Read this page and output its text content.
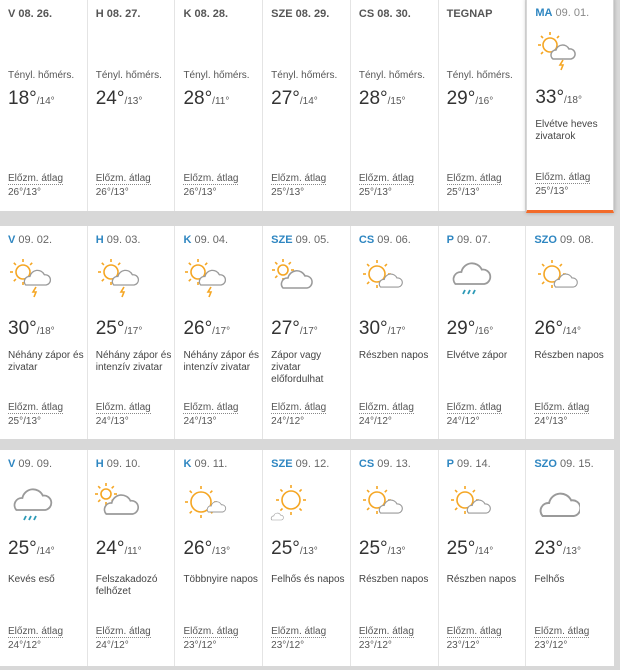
V 08. 26.
Tényl. hőmérs.
18°/14°
Előzm. átlag
26°/13°
H 08. 27.
Tényl. hőmérs.
24°/13°
Előzm. átlag
26°/13°
K 08. 28.
Tényl. hőmérs.
28°/11°
Előzm. átlag
26°/13°
SZE 08. 29.
Tényl. hőmérs.
27°/14°
Előzm. átlag
25°/13°
CS 08. 30.
Tényl. hőmérs.
28°/15°
Előzm. átlag
25°/13°
TEGNAP
Tényl. hőmérs.
29°/16°
Előzm. átlag
25°/13°
MA 09. 01.
33°/18°
Elvétve heves zivatarok
Előzm. átlag
25°/13°
V 09. 02.
30°/18°
Néhány zápor és zivatar
Előzm. átlag
25°/13°
H 09. 03.
25°/17°
Néhány zápor és intenzív zivatar
Előzm. átlag
24°/13°
K 09. 04.
26°/17°
Néhány zápor és intenzív zivatar
Előzm. átlag
24°/13°
SZE 09. 05.
27°/17°
Zápor vagy zivatar előfordulhat
Előzm. átlag
24°/12°
CS 09. 06.
30°/17°
Részben napos
Előzm. átlag
24°/12°
P 09. 07.
29°/16°
Elvétve zápor
Előzm. átlag
24°/12°
SZO 09. 08.
26°/14°
Részben napos
Előzm. átlag
24°/13°
V 09. 09.
25°/14°
Kevés eső
Előzm. átlag
24°/12°
H 09. 10.
24°/11°
Felszakadozó felhőzet
Előzm. átlag
24°/12°
K 09. 11.
26°/13°
Többnyire napos
Előzm. átlag
23°/12°
SZE 09. 12.
25°/13°
Felhős és napos
Előzm. átlag
23°/12°
CS 09. 13.
25°/13°
Részben napos
Előzm. átlag
23°/12°
P 09. 14.
25°/14°
Részben napos
Előzm. átlag
23°/12°
SZO 09. 15.
23°/13°
Felhős
Előzm. átlag
23°/12°
